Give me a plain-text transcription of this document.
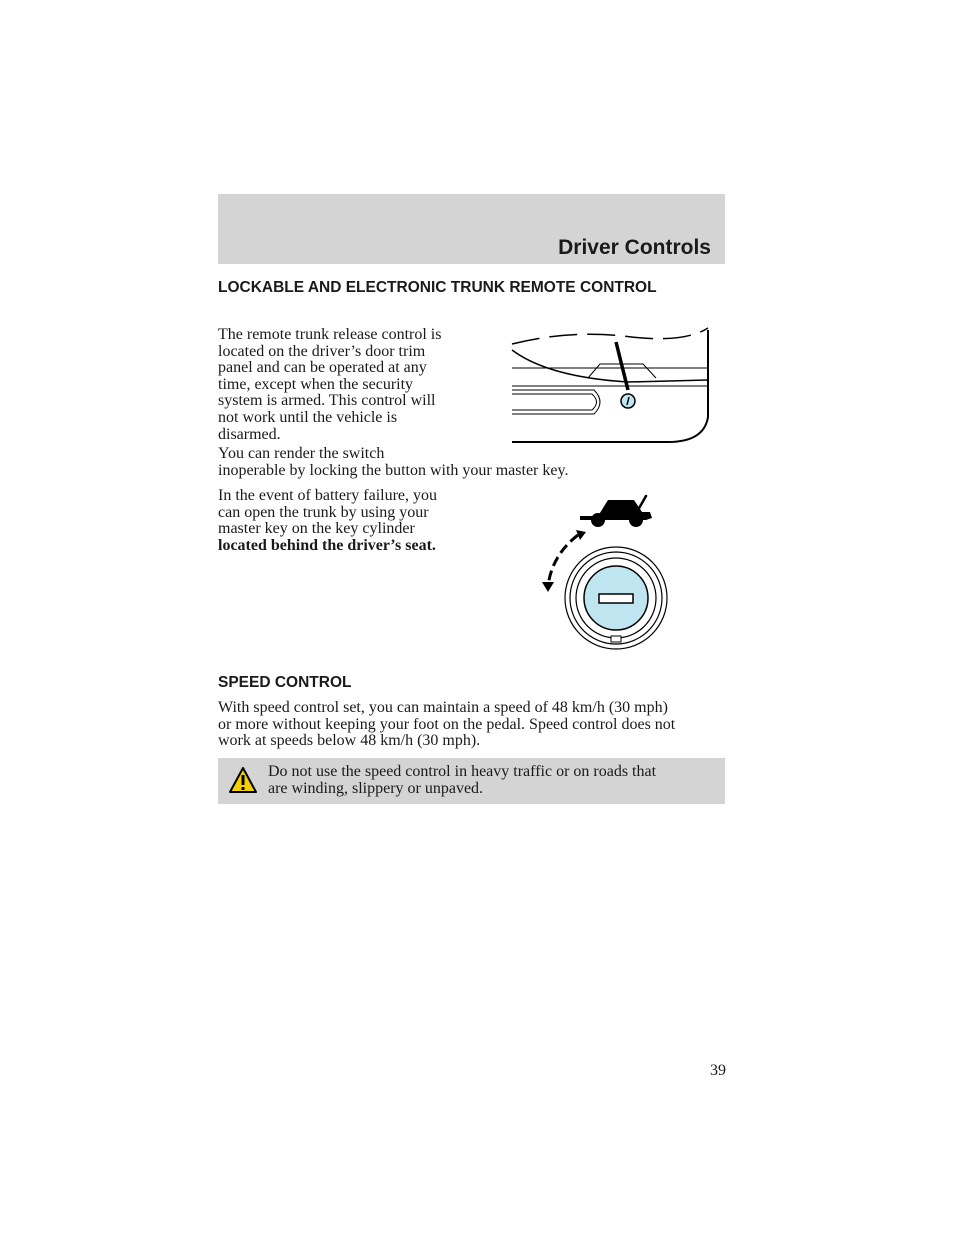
Driver Controls
LOCKABLE AND ELECTRONIC TRUNK REMOTE CONTROL

The remote trunk release control is
located on the driver’s door trim
panel and can be operated at any
time, except when the security
system is armed. This control will
not work until the vehicle is
disarmed.

You can render the switch
inoperable by locking the button with your master key.

In the event of battery failure, you
can open the trunk by using your
master key on the key cylinder
located behind the driver’s seat.

SPEED CONTROL

With speed control set, you can maintain a speed of 48 km/h (30 mph)
or more without keeping your foot on the pedal. Speed control does not
work at speeds below 48 km/h (30 mph).

Do not use the speed control in heavy traffic or on roads that
are winding, slippery or unpaved.

39
